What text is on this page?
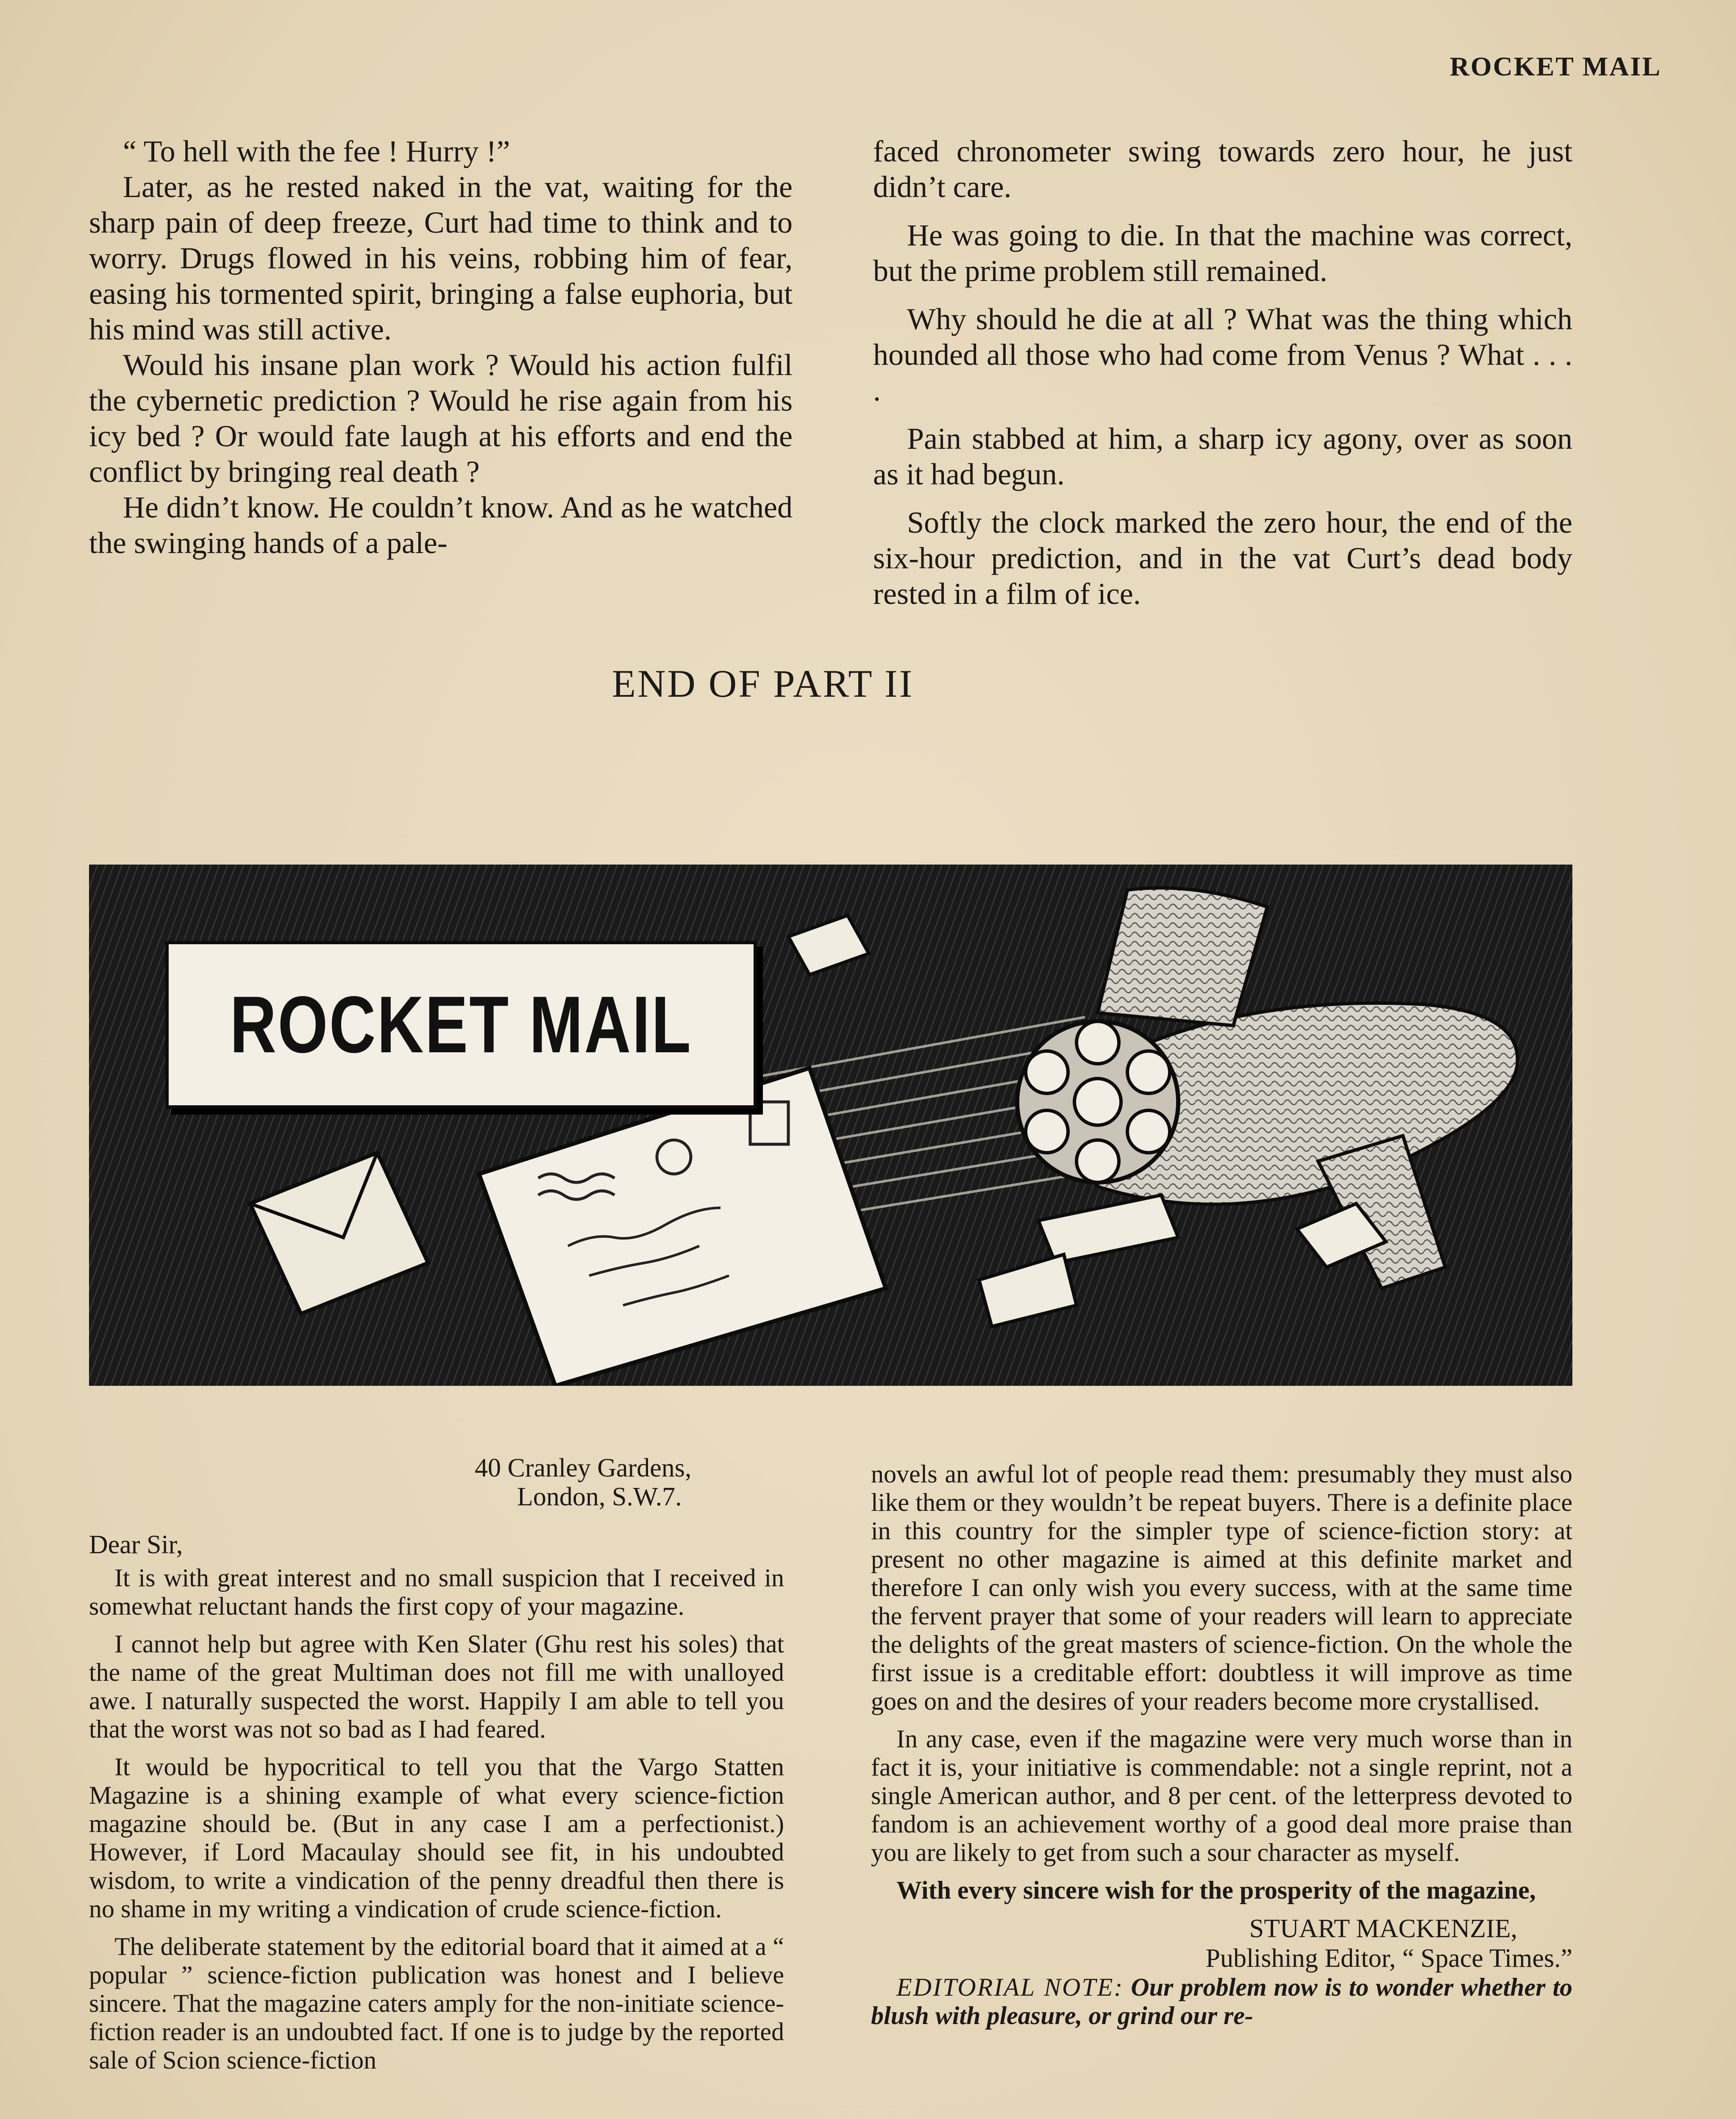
ROCKET MAIL

“ To hell with the fee ! Hurry !”

Later, as he rested naked in the vat, waiting for the sharp pain of deep freeze, Curt had time to think and to worry. Drugs flowed in his veins, robbing him of fear, easing his tormented spirit, bringing a false euphoria, but his mind was still active.

Would his insane plan work ? Would his action fulfil the cybernetic prediction ? Would he rise again from his icy bed ? Or would fate laugh at his efforts and end the conflict by bringing real death ?

He didn’t know. He couldn’t know. And as he watched the swinging hands of a pale-

faced chronometer swing towards zero hour, he just didn’t care.

He was going to die. In that the machine was correct, but the prime problem still remained.

Why should he die at all ? What was the thing which hounded all those who had come from Venus ? What . . . .

Pain stabbed at him, a sharp icy agony, over as soon as it had begun.

Softly the clock marked the zero hour, the end of the six-hour prediction, and in the vat Curt’s dead body rested in a film of ice.

END OF PART II
ROCKET MAIL
40 Cranley Gardens,
London, S.W.7.
Dear Sir,

It is with great interest and no small suspicion that I received in somewhat reluctant hands the first copy of your magazine.

I cannot help but agree with Ken Slater (Ghu rest his soles) that the name of the great Multiman does not fill me with unalloyed awe. I naturally suspected the worst. Happily I am able to tell you that the worst was not so bad as I had feared.

It would be hypocritical to tell you that the Vargo Statten Magazine is a shining example of what every science-fiction magazine should be. (But in any case I am a perfectionist.) However, if Lord Macaulay should see fit, in his undoubted wisdom, to write a vindication of the penny dreadful then there is no shame in my writing a vindication of crude science-fiction.

The deliberate statement by the editorial board that it aimed at a “ popular ” science-fiction publication was honest and I believe sincere. That the magazine caters amply for the non-initiate science-fiction reader is an undoubted fact. If one is to judge by the reported sale of Scion science-fiction

novels an awful lot of people read them: presumably they must also like them or they wouldn’t be repeat buyers. There is a definite place in this country for the simpler type of science-fiction story: at present no other magazine is aimed at this definite market and therefore I can only wish you every success, with at the same time the fervent prayer that some of your readers will learn to appreciate the delights of the great masters of science-fiction. On the whole the first issue is a creditable effort: doubtless it will improve as time goes on and the desires of your readers become more crystallised.

In any case, even if the magazine were very much worse than in fact it is, your initiative is commendable: not a single reprint, not a single American author, and 8 per cent. of the letterpress devoted to fandom is an achievement worthy of a good deal more praise than you are likely to get from such a sour character as myself.

With every sincere wish for the prosperity of the magazine,

STUART MACKENZIE,
Publishing Editor, “ Space Times.”

EDITORIAL NOTE: Our problem now is to wonder whether to blush with pleasure, or grind our re-
